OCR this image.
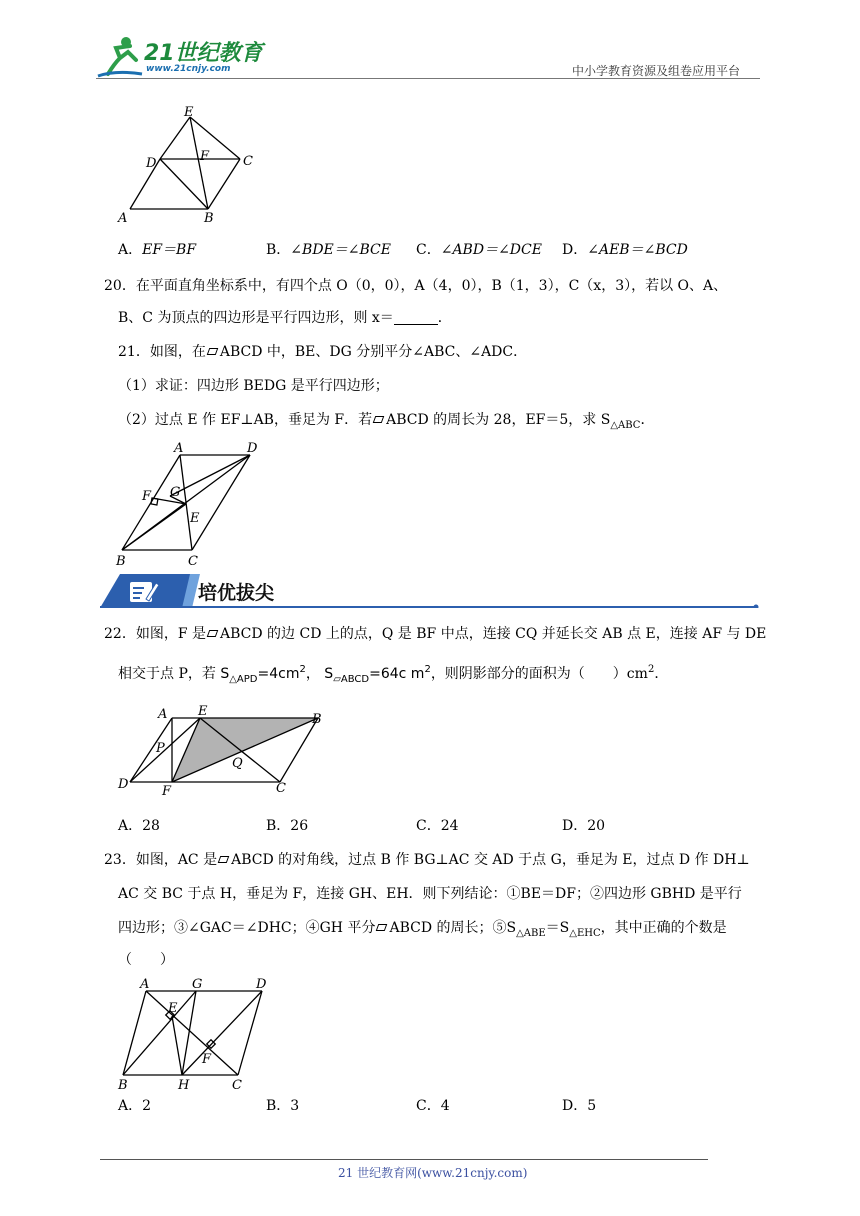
21世纪教育
www.21cnjy.com	中小学教育资源及组卷应用平台
E
D	F	C
A	B
A．EF＝BF	B．∠BDE＝∠BCE C．∠ABD＝∠DCE D．∠AEB＝∠BCD
20．在平面直角坐标系中，有四个点 O（0，0），A（4，0），B（1，3），C（x，3），若以 O、A、
B、C 为顶点的四边形是平行四边形，则 x＝	．
21．如图，在 ABCD 中，BE、DG 分别平分∠ABC、∠ADC．
（1）求证：四边形 BEDG 是平行四边形；
（2）过点 E 作 EF⊥AB，垂足为 F．若 ABCD 的周长为 28，EF＝5，求 $S_{\triangle ABC}$．
A	D
F G
E
B	C
培优拔尖
22．如图，F 是 ABCD 的边 CD 上的点，Q 是 BF 中点，连接 CQ 并延长交 AB 点 E，连接 AF 与 DE
相交于点 P，若 $S_{\triangle APD}=4cm^2$， $S_{▱ABCD}=64c$ $m^2$，则阴影部分的面积为（　　）$cm^2$．
A E
B
P
Q
D	F	C
A．28	B．26	C．24	D．20
23．如图，AC 是 ABCD 的对角线，过点 B 作 BG⊥AC 交 AD 于点 G，垂足为 E，过点 D 作 DH⊥
AC 交 BC 于点 H，垂足为 F，连接 GH、EH．则下列结论：①BE＝DF；②四边形 GBHD 是平行
四边形；③∠GAC＝∠DHC；④GH 平分 ABCD 的周长；$⑤S_{\triangle ABE}=S_{\triangle EHC}$，其中正确的个数是
（　　）
A	G	D
E
F
B	H	C
A．2	B．3	C．4	D．5
21 世纪教育网(www.21cnjy.com)
